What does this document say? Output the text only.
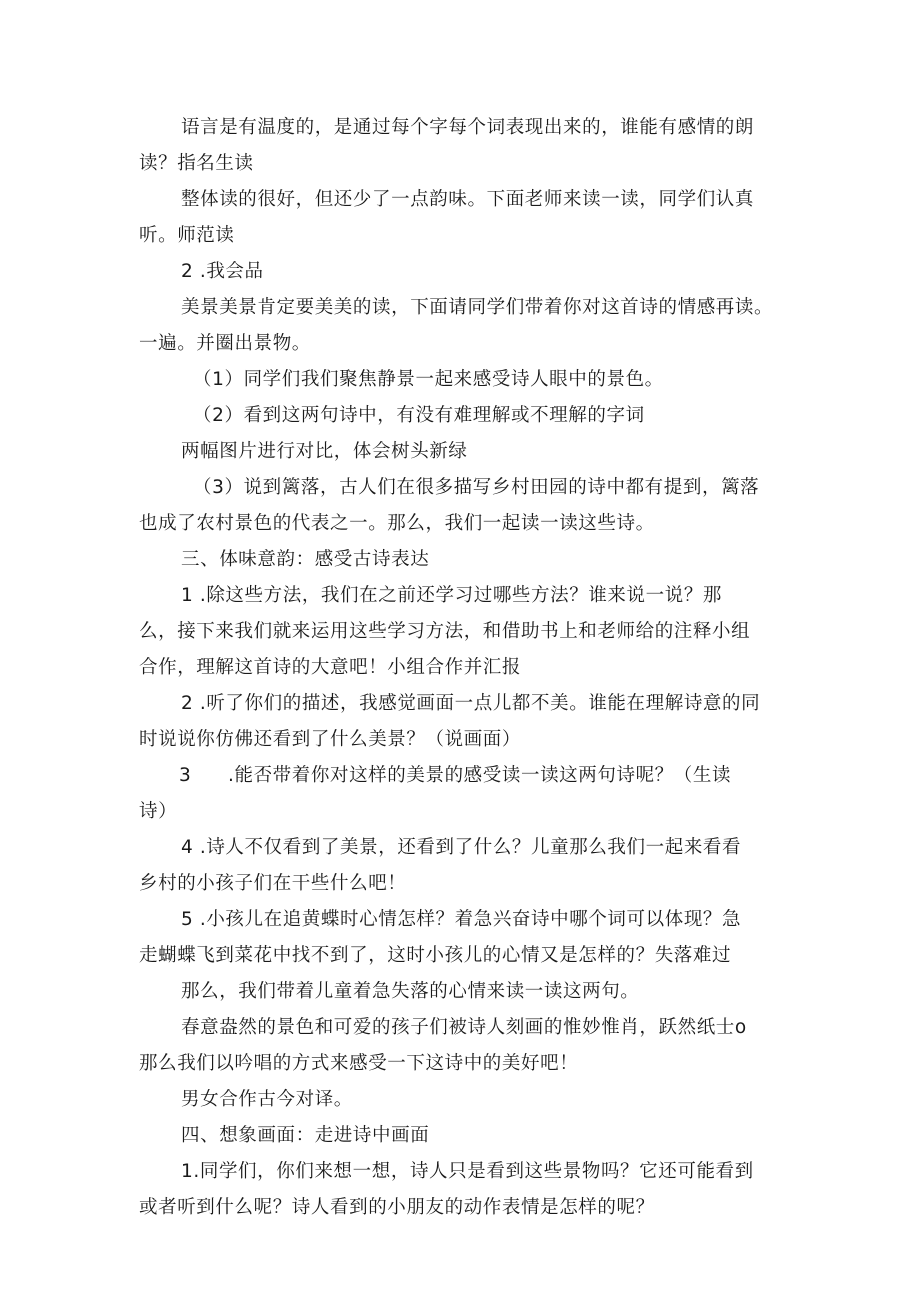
语言是有温度的，是通过每个字每个词表现出来的，谁能有感情的朗
读？指名生读
整体读的很好，但还少了一点韵味。下面老师来读一读，同学们认真
听。师范读
2 .我会品
美景美景肯定要美美的读，下面请同学们带着你对这首诗的情感再读。
一遍。并圈出景物。
（1）同学们我们聚焦静景一起来感受诗人眼中的景色。
（2）看到这两句诗中，有没有难理解或不理解的字词
两幅图片进行对比，体会树头新绿
（3）说到篱落，古人们在很多描写乡村田园的诗中都有提到，篱落
也成了农村景色的代表之一。那么，我们一起读一读这些诗。
三、体味意韵：感受古诗表达
1 .除这些方法，我们在之前还学习过哪些方法？谁来说一说？那
么，接下来我们就来运用这些学习方法，和借助书上和老师给的注释小组
合作，理解这首诗的大意吧！小组合作并汇报
2 .听了你们的描述，我感觉画面一点儿都不美。谁能在理解诗意的同
时说说你仿佛还看到了什么美景？（说画面）
3 .能否带着你对这样的美景的感受读一读这两句诗呢？（生读
诗）
4 .诗人不仅看到了美景，还看到了什么？儿童那么我们一起来看看
乡村的小孩子们在干些什么吧！
5 .小孩儿在追黄蝶时心情怎样？着急兴奋诗中哪个词可以体现？急
走蝴蝶飞到菜花中找不到了，这时小孩儿的心情又是怎样的？失落难过
那么，我们带着儿童着急失落的心情来读一读这两句。
春意盎然的景色和可爱的孩子们被诗人刻画的惟妙惟肖，跃然纸士o
那么我们以吟唱的方式来感受一下这诗中的美好吧！
男女合作古今对译。
四、想象画面：走进诗中画面
1.同学们，你们来想一想，诗人只是看到这些景物吗？它还可能看到
或者听到什么呢？诗人看到的小朋友的动作表情是怎样的呢？
